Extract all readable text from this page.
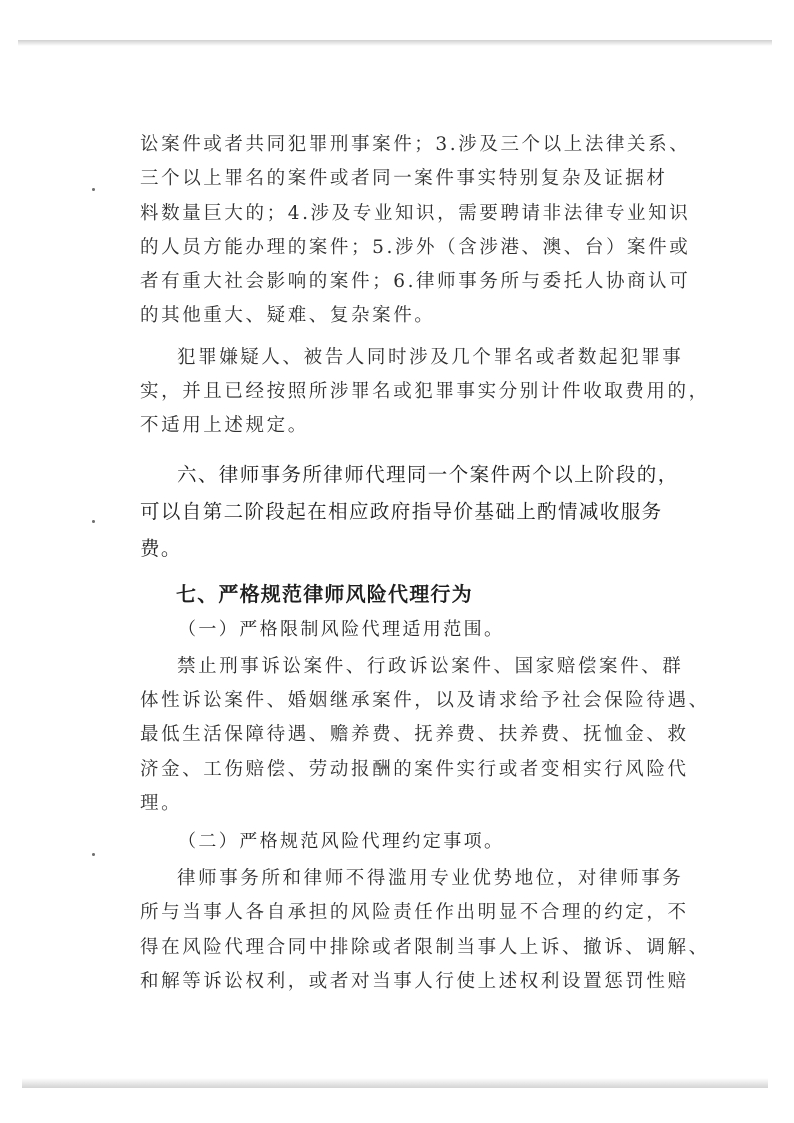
讼案件或者共同犯罪刑事案件；3.涉及三个以上法律关系、

三个以上罪名的案件或者同一案件事实特别复杂及证据材

料数量巨大的；4.涉及专业知识，需要聘请非法律专业知识

的人员方能办理的案件；5.涉外（含涉港、澳、台）案件或

者有重大社会影响的案件；6.律师事务所与委托人协商认可

的其他重大、疑难、复杂案件。

犯罪嫌疑人、被告人同时涉及几个罪名或者数起犯罪事

实，并且已经按照所涉罪名或犯罪事实分别计件收取费用的，

不适用上述规定。

六、律师事务所律师代理同一个案件两个以上阶段的，

可以自第二阶段起在相应政府指导价基础上酌情减收服务

费。

七、严格规范律师风险代理行为

（一）严格限制风险代理适用范围。

禁止刑事诉讼案件、行政诉讼案件、国家赔偿案件、群

体性诉讼案件、婚姻继承案件，以及请求给予社会保险待遇、

最低生活保障待遇、赡养费、抚养费、扶养费、抚恤金、救

济金、工伤赔偿、劳动报酬的案件实行或者变相实行风险代

理。

（二）严格规范风险代理约定事项。

律师事务所和律师不得滥用专业优势地位，对律师事务

所与当事人各自承担的风险责任作出明显不合理的约定，不

得在风险代理合同中排除或者限制当事人上诉、撤诉、调解、

和解等诉讼权利，或者对当事人行使上述权利设置惩罚性赔
